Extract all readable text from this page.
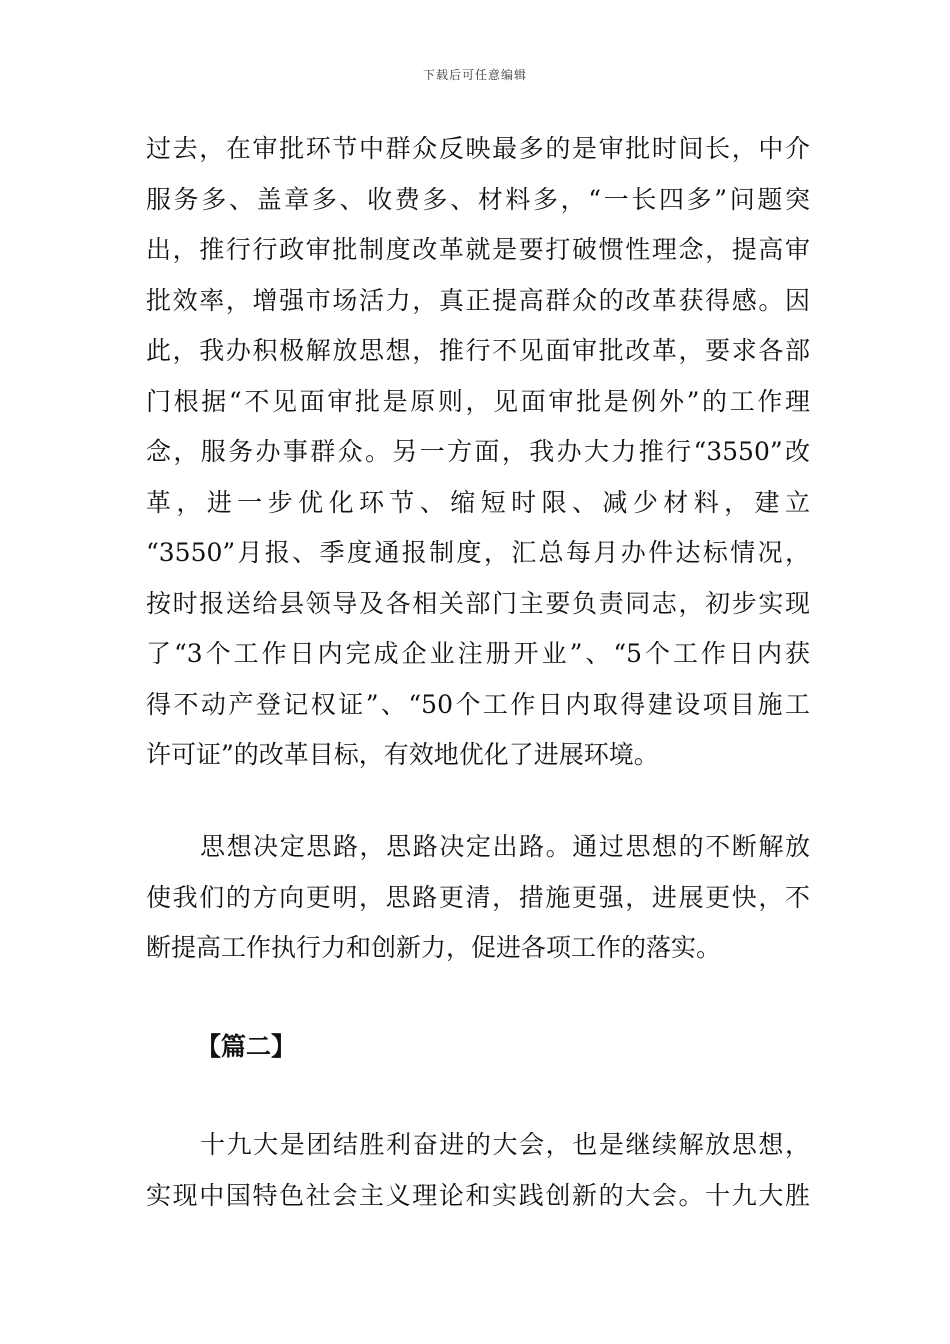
下载后可任意编辑
过去，在审批环节中群众反映最多的是审批时间长，中介
服务多、盖章多、收费多、材料多，“一长四多”问题突
出，推行行政审批制度改革就是要打破惯性理念，提高审
批效率，增强市场活力，真正提高群众的改革获得感。因
此，我办积极解放思想，推行不见面审批改革，要求各部
门根据“不见面审批是原则，见面审批是例外”的工作理
念，服务办事群众。另一方面，我办大力推行“3550”改
革，进一步优化环节、缩短时限、减少材料，建立
“3550”月报、季度通报制度，汇总每月办件达标情况，
按时报送给县领导及各相关部门主要负责同志，初步实现
了“3个工作日内完成企业注册开业”、“5个工作日内获
得不动产登记权证”、“50个工作日内取得建设项目施工
许可证”的改革目标，有效地优化了进展环境。
思想决定思路，思路决定出路。通过思想的不断解放
使我们的方向更明，思路更清，措施更强，进展更快，不
断提高工作执行力和创新力，促进各项工作的落实。
【篇二】
十九大是团结胜利奋进的大会，也是继续解放思想，
实现中国特色社会主义理论和实践创新的大会。十九大胜
